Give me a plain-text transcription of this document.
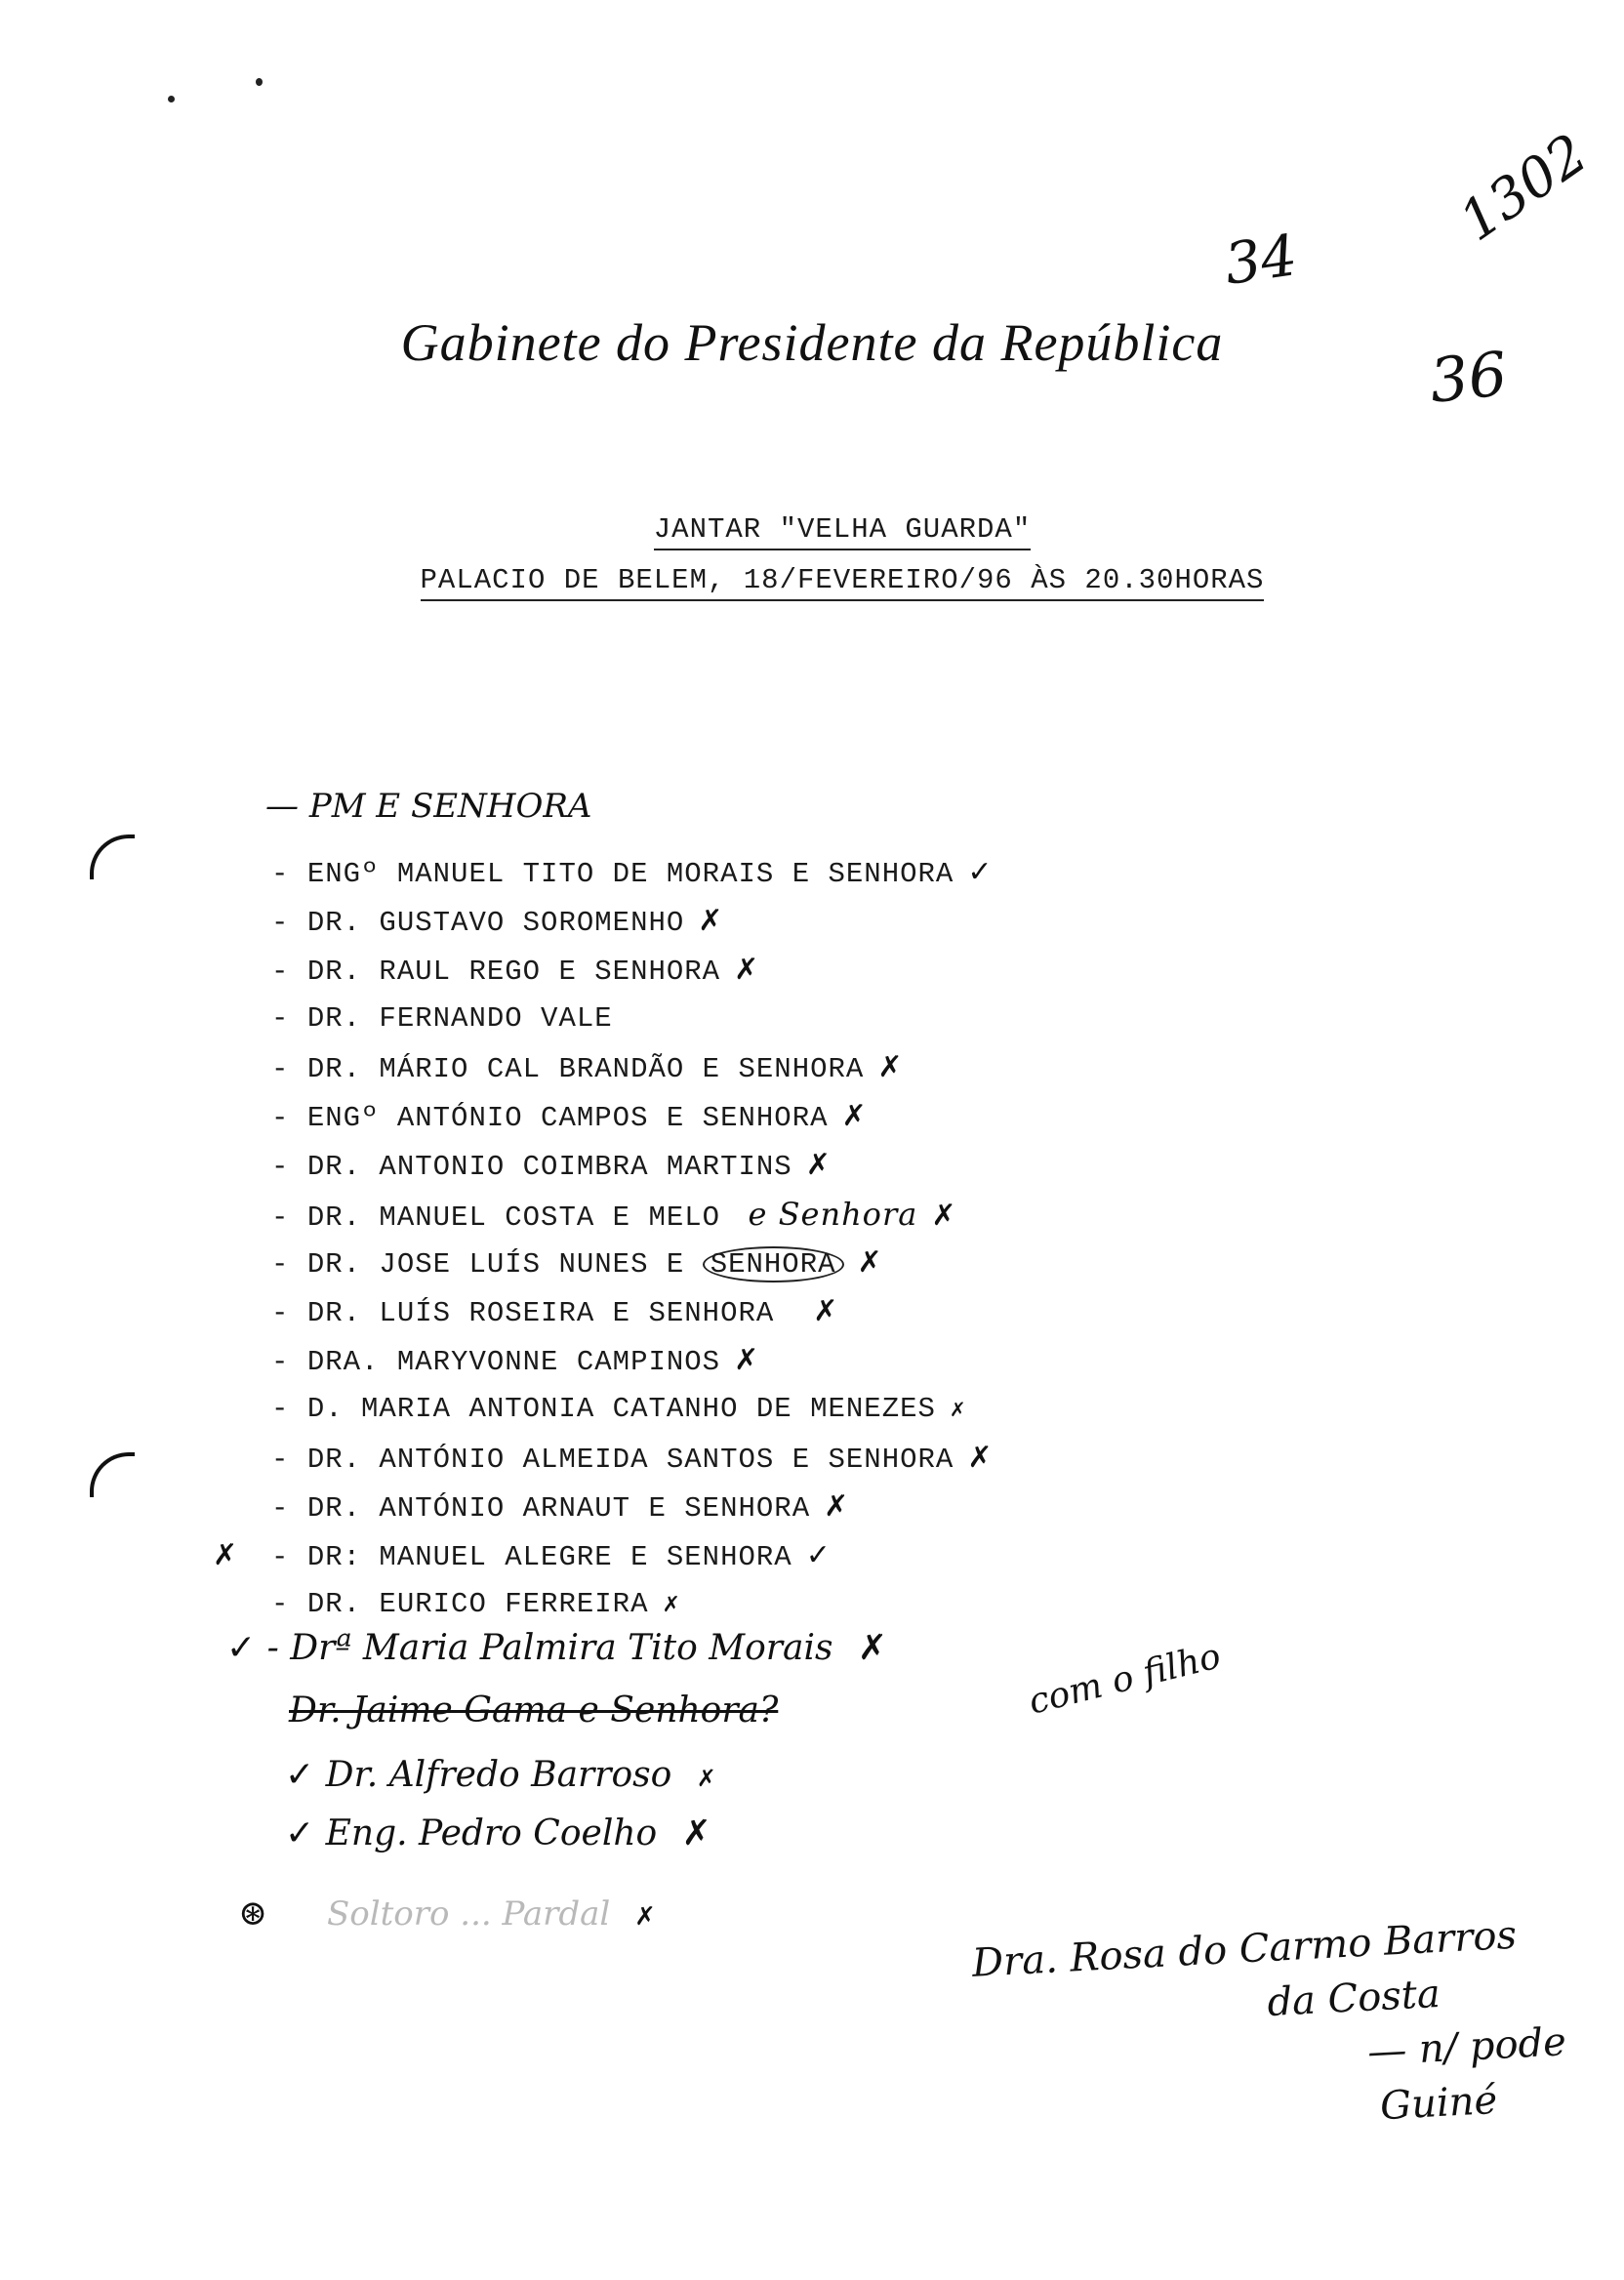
34
36
1302
Gabinete do Presidente da República
JANTAR "VELHA GUARDA"
PALACIO DE BELEM, 18/FEVEREIRO/96 ÀS 20.30HORAS
— PM E SENHORA
- ENGº MANUEL TITO DE MORAIS E SENHORA ✓
- DR. GUSTAVO SOROMENHO ✗
- DR. RAUL REGO E SENHORA ✗
- DR. FERNANDO VALE
- DR. MÁRIO CAL BRANDÃO E SENHORA ✗
- ENGº ANTÓNIO CAMPOS E SENHORA ✗
- DR. ANTONIO COIMBRA MARTINS ✗
- DR. MANUEL COSTA E MELO e Senhora ✗
- DR. JOSE LUÍS NUNES E SENHORA ✗
- DR. LUÍS ROSEIRA E SENHORA ✗
- DRA. MARYVONNE CAMPINOS ✗
- D. MARIA ANTONIA CATANHO DE MENEZES ✗
- DR. ANTÓNIO ALMEIDA SANTOS E SENHORA ✗
- DR. ANTÓNIO ARNAUT E SENHORA ✗
✗ - DR: MANUEL ALEGRE E SENHORA ✓
- DR. EURICO FERREIRA ✗
✓ - Drª Maria Palmira Tito Morais ✗
Dr. Jaime Gama e Senhora?	com o filho
✓ Dr. Alfredo Barroso ✗
✓ Eng. Pedro Coelho ✗
⊛ Soltoro ... Pardal ✗	Dra. Rosa do Carmo Barros
da Costa
— n/ pode
Guiné
